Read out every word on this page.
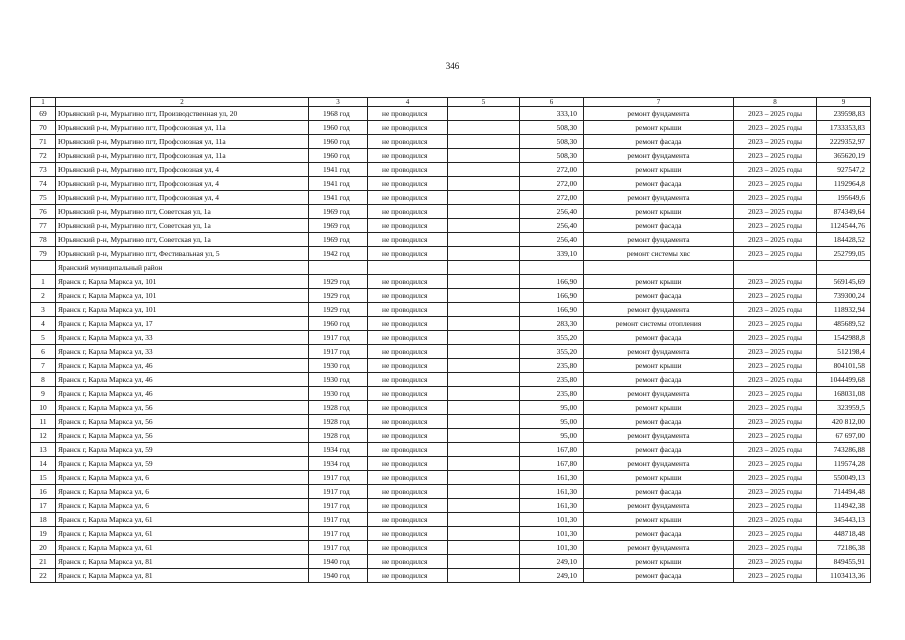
346
1	2	3	4	5	6	7	8	9
69	Юрьянский р-н, Мурыгино пгт, Производственная ул, 20	1968 год	не проводился		333,10	ремонт фундамента	2023 – 2025 годы	239598,83
70	Юрьянский р-н, Мурыгино пгт, Профсоюзная ул, 11а	1960 год	не проводился		508,30	ремонт крыши	2023 – 2025 годы	1733353,83
71	Юрьянский р-н, Мурыгино пгт, Профсоюзная ул, 11а	1960 год	не проводился		508,30	ремонт фасада	2023 – 2025 годы	2229352,97
72	Юрьянский р-н, Мурыгино пгт, Профсоюзная ул, 11а	1960 год	не проводился		508,30	ремонт фундамента	2023 – 2025 годы	365620,19
73	Юрьянский р-н, Мурыгино пгт, Профсоюзная ул, 4	1941 год	не проводился		272,00	ремонт крыши	2023 – 2025 годы	927547,2
74	Юрьянский р-н, Мурыгино пгт, Профсоюзная ул, 4	1941 год	не проводился		272,00	ремонт фасада	2023 – 2025 годы	1192964,8
75	Юрьянский р-н, Мурыгино пгт, Профсоюзная ул, 4	1941 год	не проводился		272,00	ремонт фундамента	2023 – 2025 годы	195649,6
76	Юрьянский р-н, Мурыгино пгт, Советская ул, 1а	1969 год	не проводился		256,40	ремонт крыши	2023 – 2025 годы	874349,64
77	Юрьянский р-н, Мурыгино пгт, Советская ул, 1а	1969 год	не проводился		256,40	ремонт фасада	2023 – 2025 годы	1124544,76
78	Юрьянский р-н, Мурыгино пгт, Советская ул, 1а	1969 год	не проводился		256,40	ремонт фундамента	2023 – 2025 годы	184428,52
79	Юрьянский р-н, Мурыгино пгт, Фестивальная ул, 5	1942 год	не проводился		339,10	ремонт системы хвс	2023 – 2025 годы	252799,05
	Яранский муниципальный район							
1	Яранск г, Карла Маркса ул, 101	1929 год	не проводился		166,90	ремонт крыши	2023 – 2025 годы	569145,69
2	Яранск г, Карла Маркса ул, 101	1929 год	не проводился		166,90	ремонт фасада	2023 – 2025 годы	739300,24
3	Яранск г, Карла Маркса ул, 101	1929 год	не проводился		166,90	ремонт фундамента	2023 – 2025 годы	118932,94
4	Яранск г, Карла Маркса ул, 17	1960 год	не проводился		283,30	ремонт системы отопления	2023 – 2025 годы	485689,52
5	Яранск г, Карла Маркса ул, 33	1917 год	не проводился		355,20	ремонт фасада	2023 – 2025 годы	1542988,8
6	Яранск г, Карла Маркса ул, 33	1917 год	не проводился		355,20	ремонт фундамента	2023 – 2025 годы	512198,4
7	Яранск г, Карла Маркса ул, 46	1930 год	не проводился		235,80	ремонт крыши	2023 – 2025 годы	804101,58
8	Яранск г, Карла Маркса ул, 46	1930 год	не проводился		235,80	ремонт фасада	2023 – 2025 годы	1044499,68
9	Яранск г, Карла Маркса ул, 46	1930 год	не проводился		235,80	ремонт фундамента	2023 – 2025 годы	168031,08
10	Яранск г, Карла Маркса ул, 56	1928 год	не проводился		95,00	ремонт крыши	2023 – 2025 годы	323959,5
11	Яранск г, Карла Маркса ул, 56	1928 год	не проводился		95,00	ремонт фасада	2023 – 2025 годы	420 812,00
12	Яранск г, Карла Маркса ул, 56	1928 год	не проводился		95,00	ремонт фундамента	2023 – 2025 годы	67 697,00
13	Яранск г, Карла Маркса ул, 59	1934 год	не проводился		167,80	ремонт фасада	2023 – 2025 годы	743286,88
14	Яранск г, Карла Маркса ул, 59	1934 год	не проводился		167,80	ремонт фундамента	2023 – 2025 годы	119574,28
15	Яранск г, Карла Маркса ул, 6	1917 год	не проводился		161,30	ремонт крыши	2023 – 2025 годы	550049,13
16	Яранск г, Карла Маркса ул, 6	1917 год	не проводился		161,30	ремонт фасада	2023 – 2025 годы	714494,48
17	Яранск г, Карла Маркса ул, 6	1917 год	не проводился		161,30	ремонт фундамента	2023 – 2025 годы	114942,38
18	Яранск г, Карла Маркса ул, 61	1917 год	не проводился		101,30	ремонт крыши	2023 – 2025 годы	345443,13
19	Яранск г, Карла Маркса ул, 61	1917 год	не проводился		101,30	ремонт фасада	2023 – 2025 годы	448718,48
20	Яранск г, Карла Маркса ул, 61	1917 год	не проводился		101,30	ремонт фундамента	2023 – 2025 годы	72186,38
21	Яранск г, Карла Маркса ул, 81	1940 год	не проводился		249,10	ремонт крыши	2023 – 2025 годы	849455,91
22	Яранск г, Карла Маркса ул, 81	1940 год	не проводился		249,10	ремонт фасада	2023 – 2025 годы	1103413,36
